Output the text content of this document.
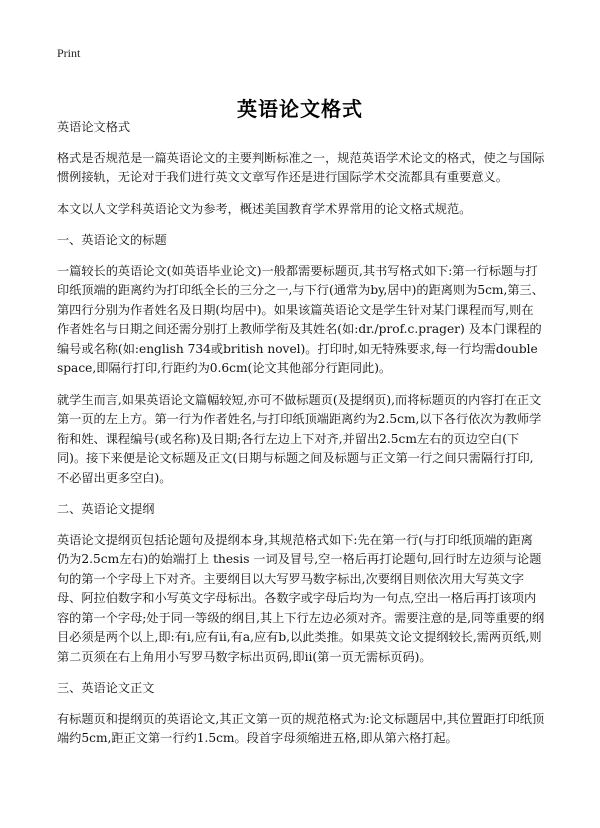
Print
英语论文格式

英语论文格式

格式是否规范是一篇英语论文的主要判断标准之一，规范英语学术论文的格式，使之与国际惯例接轨，无论对于我们进行英文文章写作还是进行国际学术交流都具有重要意义。

本文以人文学科英语论文为参考，概述美国教育学术界常用的论文格式规范。

一、英语论文的标题

一篇较长的英语论文(如英语毕业论文)一般都需要标题页,其书写格式如下:第一行标题与打印纸顶端的距离约为打印纸全长的三分之一,与下行(通常为by,居中)的距离则为5cm,第三、第四行分别为作者姓名及日期(均居中)。如果该篇英语论文是学生针对某门课程而写,则在作者姓名与日期之间还需分别打上教师学衔及其姓名(如:dr./prof.c.prager) 及本门课程的编号或名称(如:english 734或british novel)。打印时,如无特殊要求,每一行均需double space,即隔行打印,行距约为0.6cm(论文其他部分行距同此)。

就学生而言,如果英语论文篇幅较短,亦可不做标题页(及提纲页),而将标题页的内容打在正文第一页的左上方。第一行为作者姓名,与打印纸顶端距离约为2.5cm,以下各行依次为教师学衔和姓、课程编号(或名称)及日期;各行左边上下对齐,并留出2.5cm左右的页边空白(下同)。接下来便是论文标题及正文(日期与标题之间及标题与正文第一行之间只需隔行打印,不必留出更多空白)。

二、英语论文提纲

英语论文提纲页包括论题句及提纲本身,其规范格式如下:先在第一行(与打印纸顶端的距离仍为2.5cm左右)的始端打上 thesis 一词及冒号,空一格后再打论题句,回行时左边须与论题句的第一个字母上下对齐。主要纲目以大写罗马数字标出,次要纲目则依次用大写英文字母、阿拉伯数字和小写英文字母标出。各数字或字母后均为一句点,空出一格后再打该项内容的第一个字母;处于同一等级的纲目,其上下行左边必须对齐。需要注意的是,同等重要的纲目必须是两个以上,即:有i,应有ii,有a,应有b,以此类推。如果英文论文提纲较长,需两页纸,则第二页须在右上角用小写罗马数字标出页码,即ii(第一页无需标页码)。

三、英语论文正文

有标题页和提纲页的英语论文,其正文第一页的规范格式为:论文标题居中,其位置距打印纸顶端约5cm,距正文第一行约1.5cm。段首字母须缩进五格,即从第六格打起。
